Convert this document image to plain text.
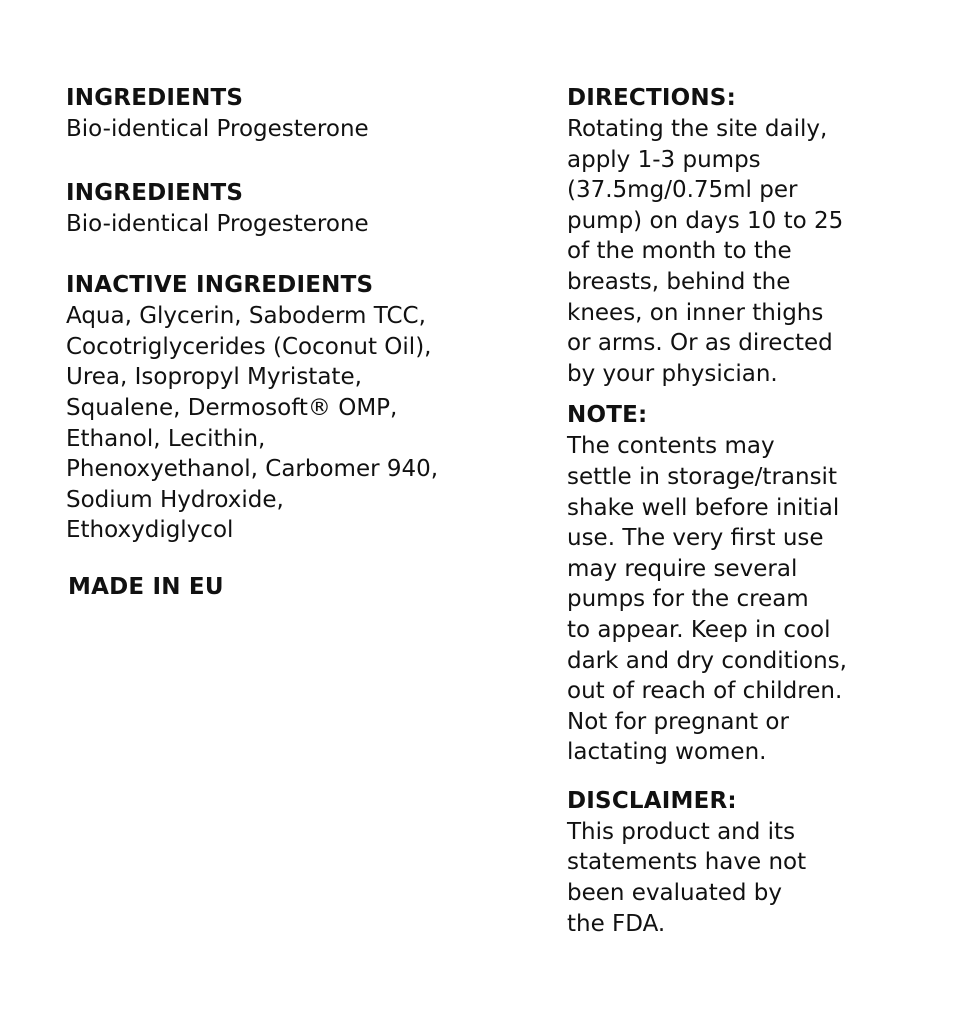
INGREDIENTS

Bio-identical Progesterone

INGREDIENTS

Bio-identical Progesterone

INACTIVE INGREDIENTS

Aqua, Glycerin, Saboderm TCC,
Cocotriglycerides (Coconut Oil),
Urea, Isopropyl Myristate,
Squalene, Dermosoft® OMP,
Ethanol, Lecithin,
Phenoxyethanol, Carbomer 940,
Sodium Hydroxide,
Ethoxydiglycol

MADE IN EU

DIRECTIONS:

Rotating the site daily,
apply 1-3 pumps
(37.5mg/0.75ml per
pump) on days 10 to 25
of the month to the
breasts, behind the
knees, on inner thighs
or arms. Or as directed
by your physician.

NOTE:

The contents may
settle in storage/transit
shake well before initial
use. The very first use
may require several
pumps for the cream
to appear. Keep in cool
dark and dry conditions,
out of reach of children.
Not for pregnant or
lactating women.

DISCLAIMER:

This product and its
statements have not
been evaluated by
the FDA.
